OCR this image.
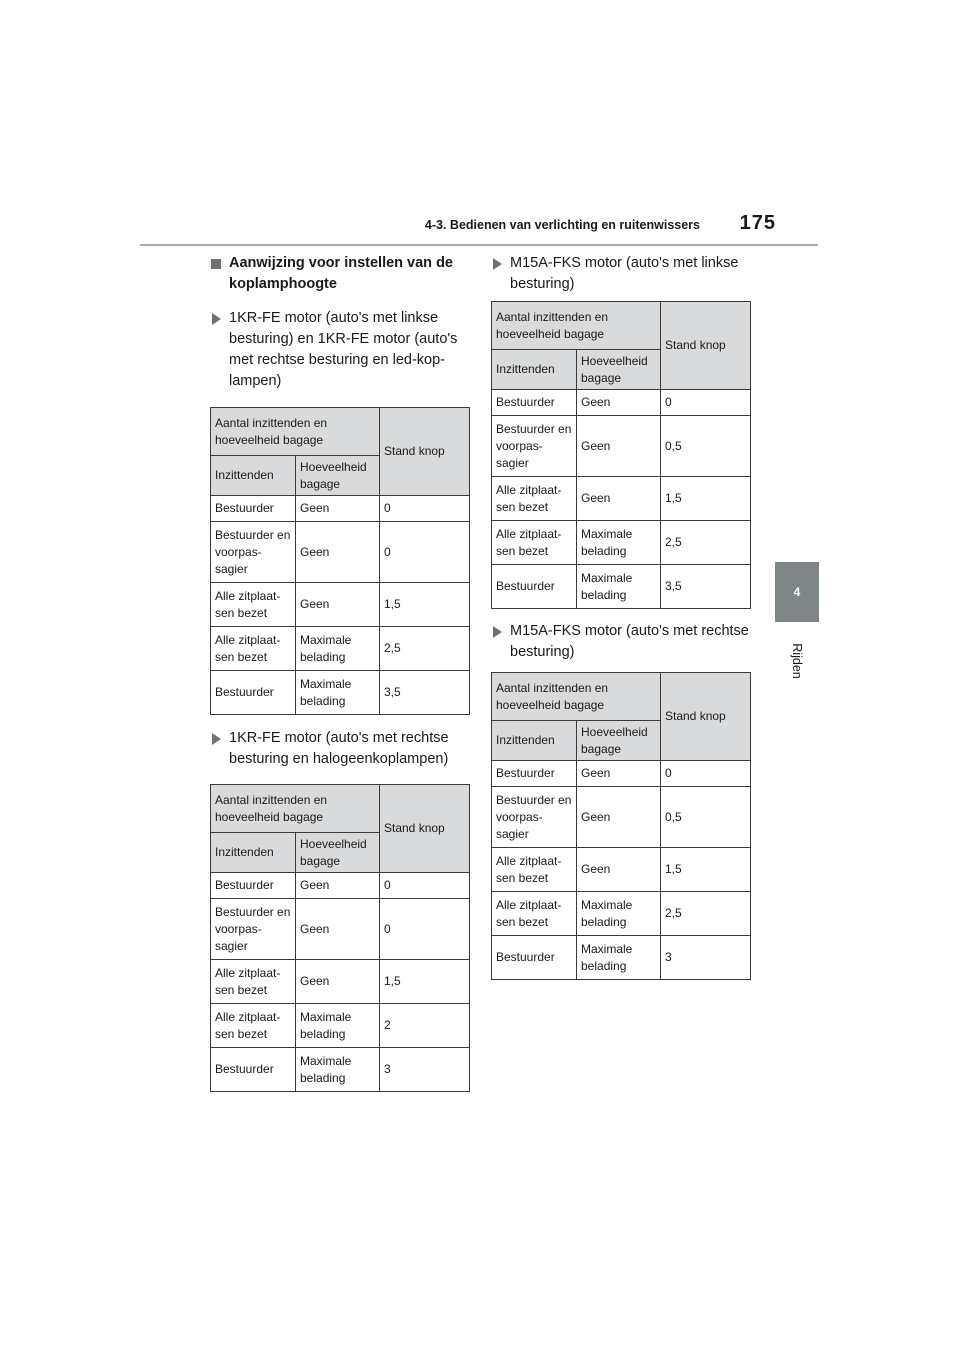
4-3. Bedienen van verlichting en ruitenwissers	175
4
Rijden
Aanwijzing voor instellen van de koplamphoogte
1KR-FE motor (auto's met linkse besturing) en 1KR-FE motor (auto's met rechtse besturing en led-kop-lampen)
Aantal inzittenden en hoeveelheid bagage		Stand knop
Inzittenden	Hoeveelheid bagage	
Bestuurder	Geen	0
Bestuurder en voorpas-sagier	Geen	0
Alle zitplaat-sen bezet	Geen	1,5
Alle zitplaat-sen bezet	Maximale belading	2,5
Bestuurder	Maximale belading	3,5
1KR-FE motor (auto's met rechtse besturing en halogeenkoplampen)
Aantal inzittenden en hoeveelheid bagage		Stand knop
Inzittenden	Hoeveelheid bagage	
Bestuurder	Geen	0
Bestuurder en voorpas-sagier	Geen	0
Alle zitplaat-sen bezet	Geen	1,5
Alle zitplaat-sen bezet	Maximale belading	2
Bestuurder	Maximale belading	3
M15A-FKS motor (auto's met linkse besturing)
Aantal inzittenden en hoeveelheid bagage		Stand knop
Inzittenden	Hoeveelheid bagage	
Bestuurder	Geen	0
Bestuurder en voorpas-sagier	Geen	0,5
Alle zitplaat-sen bezet	Geen	1,5
Alle zitplaat-sen bezet	Maximale belading	2,5
Bestuurder	Maximale belading	3,5
M15A-FKS motor (auto's met rechtse besturing)
Aantal inzittenden en hoeveelheid bagage		Stand knop
Inzittenden	Hoeveelheid bagage	
Bestuurder	Geen	0
Bestuurder en voorpas-sagier	Geen	0,5
Alle zitplaat-sen bezet	Geen	1,5
Alle zitplaat-sen bezet	Maximale belading	2,5
Bestuurder	Maximale belading	3
